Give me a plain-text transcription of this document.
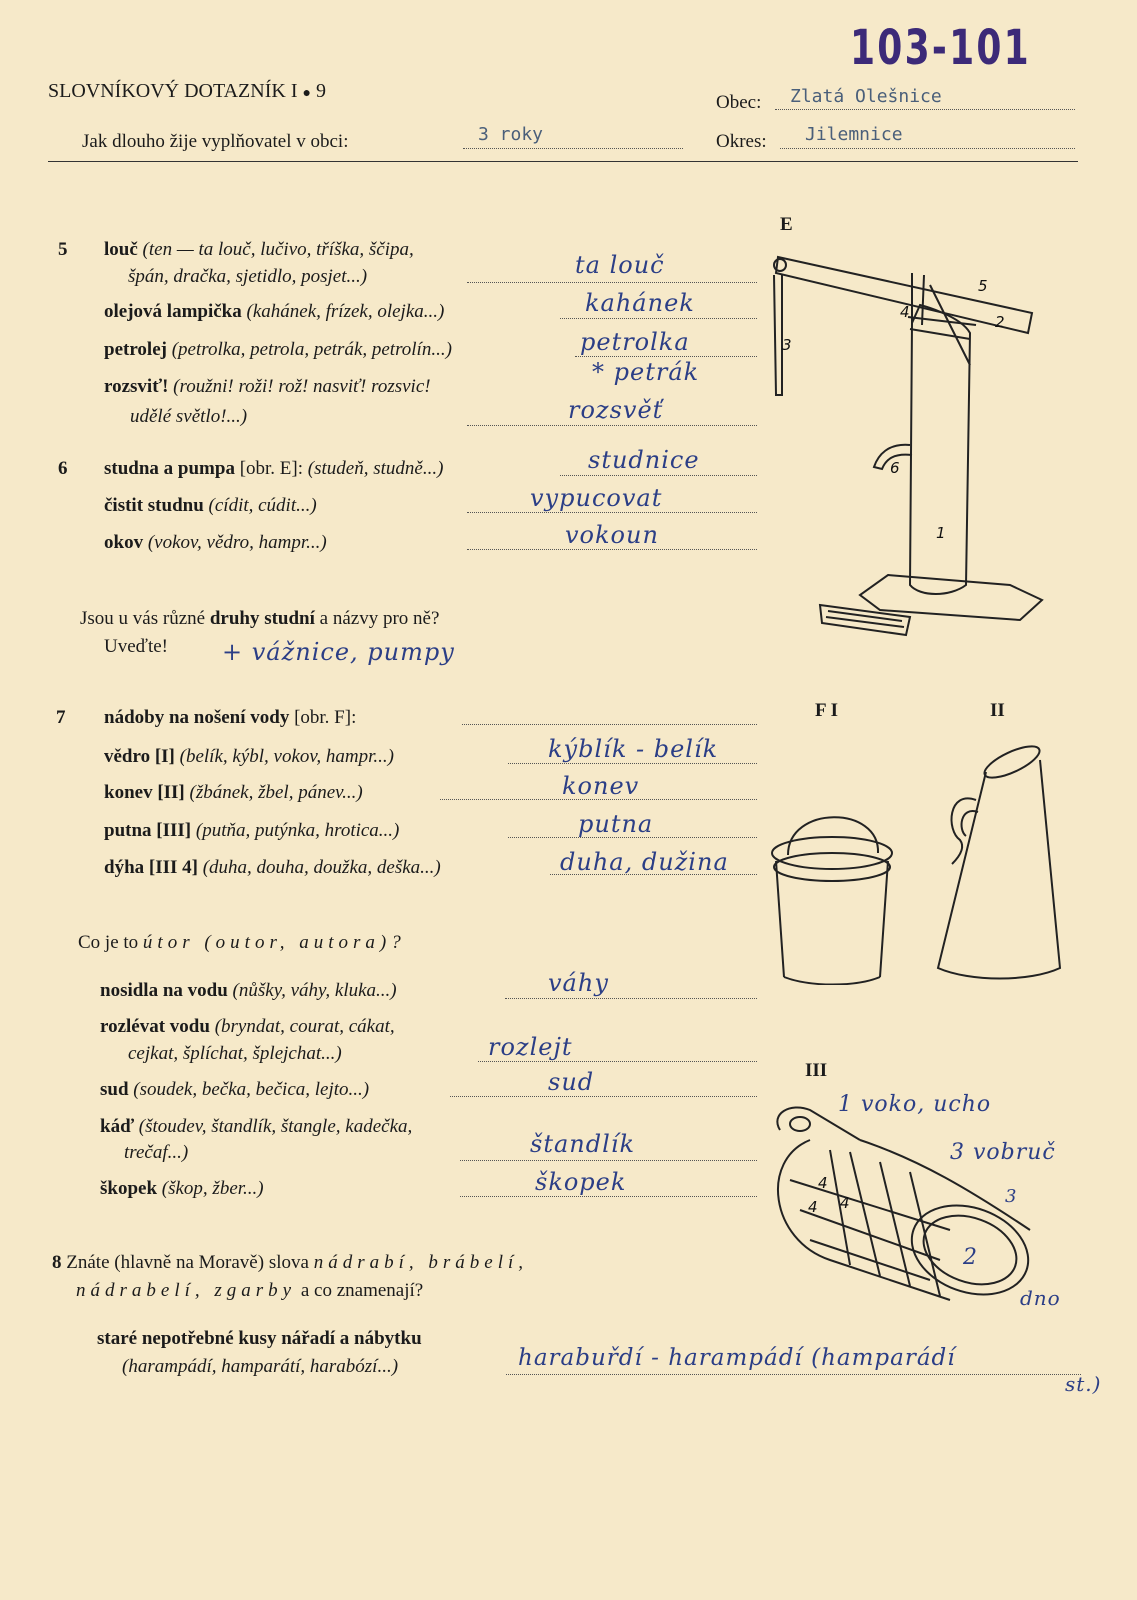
103-101
SLOVNÍKOVÝ DOTAZNÍK I ● 9
Obec: Zlatá Olešnice
Jak dlouho žije vyplňovatel v obci:	3 roky	Okres: Jilemnice
5 louč (ten — ta louč, lučivo, tříška, ščipa,
špán, dračka, sjetidlo, posjet...)	ta louč
olejová lampička (kahánek, frízek, olejka...)	kahánek
petrolej (petrolka, petrola, petrák, petrolín...)	petrolka
* petrák
rozsviť! (roužni! roži! rož! nasviť! rozsvic!
udělé světlo!...)	rozsvěť
6 studna a pumpa [obr. E]: (studeň, studně...)	studnice
čistit studnu (cídit, cúdit...)	vypucovat
okov (vokov, vědro, hampr...)	vokoun
Jsou u vás různé druhy studní a názvy pro ně?
Uveďte! + vážnice, pumpy
7 nádoby na nošení vody [obr. F]:
vědro [I] (belík, kýbl, vokov, hampr...)	kýblík - belík
konev [II] (žbánek, žbel, pánev...)	konev
putna [III] (putňa, putýnka, hrotica...)	putna
dýha [III 4] (duha, douha, doužka, deška...)	duha, dužina
Co je to útor (outor, autora)?
nosidla na vodu (nůšky, váhy, kluka...)	váhy
rozlévat vodu (bryndat, courat, cákat,
cejkat, šplíchat, šplejchat...)	rozlejt
sud (soudek, bečka, bečica, lejto...)	sud
káď (štoudev, štandlík, štangle, kadečka,
trečaf...)	štandlík
škopek (škop, žber...)	škopek
8 Znáte (hlavně na Moravě) slova nádrabí, brábelí,
nádrabelí, zgarby a co znamenají?
staré nepotřebné kusy nářadí a nábytku
(harampádí, hamparátí, harabózí...)	harabuřdí - harampádí (hamparádí
st.)
E
1
2
3
4
5
6
F I	II
III
4
4
4
1 voko, ucho
3 vobruč
3
2
dno
